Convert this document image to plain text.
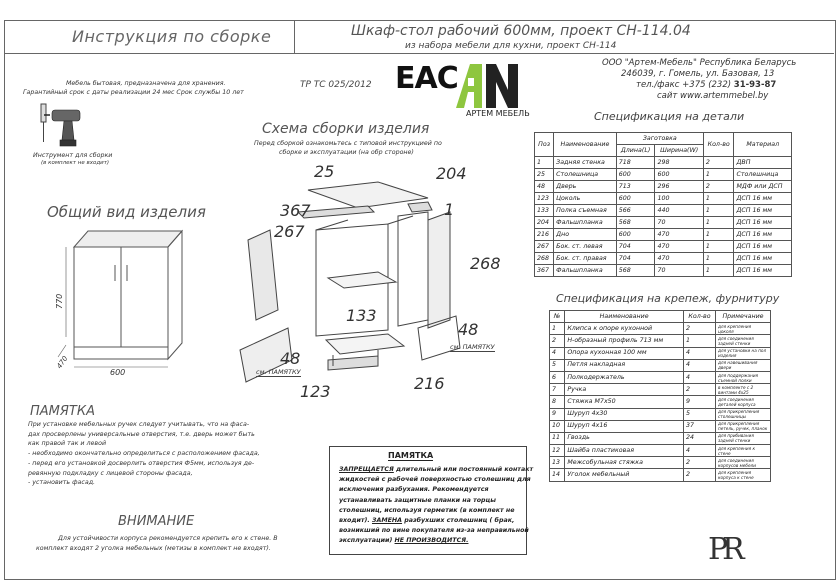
Инструкция по сборке	Шкаф-стол рабочий 600мм, проект СН-114.04
из набора мебели для кухни, проект СН-114
Мебель бытовая, предназначена для хранения.
Гарантийный срок с даты реализации 24 мес Срок службы 10 лет
ТР ТС 025/2012 ЕАС
АРТЕМ МЕБЕЛЬ
ООО "Артем-Мебель" Республика Беларусь
246039, г. Гомель, ул. Базовая, 13
тел./факс +375 (232) 31-93-87
сайт www.artemmebel.by
Инструмент для сборки
(в комплект не входит)
Общий вид изделия
770
600
470
Схема сборки изделия
Перед сборкой ознакомьтесь с типовой инструкцией по
сборке и эксплуатации (на обр стороне)
25	204
367	1
267
268
133
48
48
216
123
см. ПАМЯТКУ
см. ПАМЯТКУ
Спецификация на детали
Поз	Наименование	Заготовка		Кол-во	Материал
		Длина(L)	Ширина(W)		
1	Задняя стенка	718	298	2	ДВП
25	Столешница	600	600	1	Столешница
48	Дверь	713	296	2	МДФ или ДСП
123	Цоколь	600	100	1	ДСП 16 мм
133	Полка съемная	566	440	1	ДСП 16 мм
204	Фальшпланка	568	70	1	ДСП 16 мм
216	Дно	600	470	1	ДСП 16 мм
267	Бок. ст. левая	704	470	1	ДСП 16 мм
268	Бок. ст. правая	704	470	1	ДСП 16 мм
367	Фальшпланка	568	70	1	ДСП 16 мм
Спецификация на крепеж, фурнитуру
№	Наименование	Кол-во	Примечание
1	Клипса к опоре кухонной	2	для крепления цоколя
2	Н-образный профиль 713 мм	1	для соединения задней стенки
4	Опора кухонная 100 мм	4	для установки на пол изделия
5	Петля накладная	4	для навешивания двери
6	Полкодержатель	4	для поддержания съемной полки
7	Ручка	2	в комплекте с 2 винтами 4х25
8	Стяжка М7х50	9	для соединения деталей корпуса
9	Шуруп 4х30	5	для прикрепления столешницы
10	Шуруп 4х16	37	для прикрепления петель, ручек, планок
11	Гвоздь	24	для прибивания задней стенки
12	Шайба пластиковая	4	для крепления к стене
13	Межсобульная стяжка	2	для соединения корпусов мебели
14	Уголок мебельный	2	для крепления корпуса к стене
ПАМЯТКА
При установке мебельных ручек следует учитывать, что на фаса-
дах просверлены универсальные отверстия, т.е. дверь может быть
как правой так и левой
- необходимо окончательно определиться с расположением фасада,
- перед его установкой досверлить отверстия Ф5мм, используя де-
ревянную подкладку с лицевой стороны фасада,
- установить фасад.
ВНИМАНИЕ
Для устойчивости корпуса рекомендуется крепить его к стене. В
комплект входят 2 уголка мебельных (метизы в комплект не входят).
ПАМЯТКА
ЗАПРЕЩАЕТСЯ длительный или постоянный контакт
жидкостей с рабочей поверхностью столешниц для
исключения разбухания. Рекомендуется
устанавливать защитные планки на торцы
столешниц, используя герметик (в комплект не
входит). ЗАМЕНА разбухших столешниц ( брак,
возникший по вине покупателя из-за неправильной
эксплуатации) НЕ ПРОИЗВОДИТСЯ.	PR
